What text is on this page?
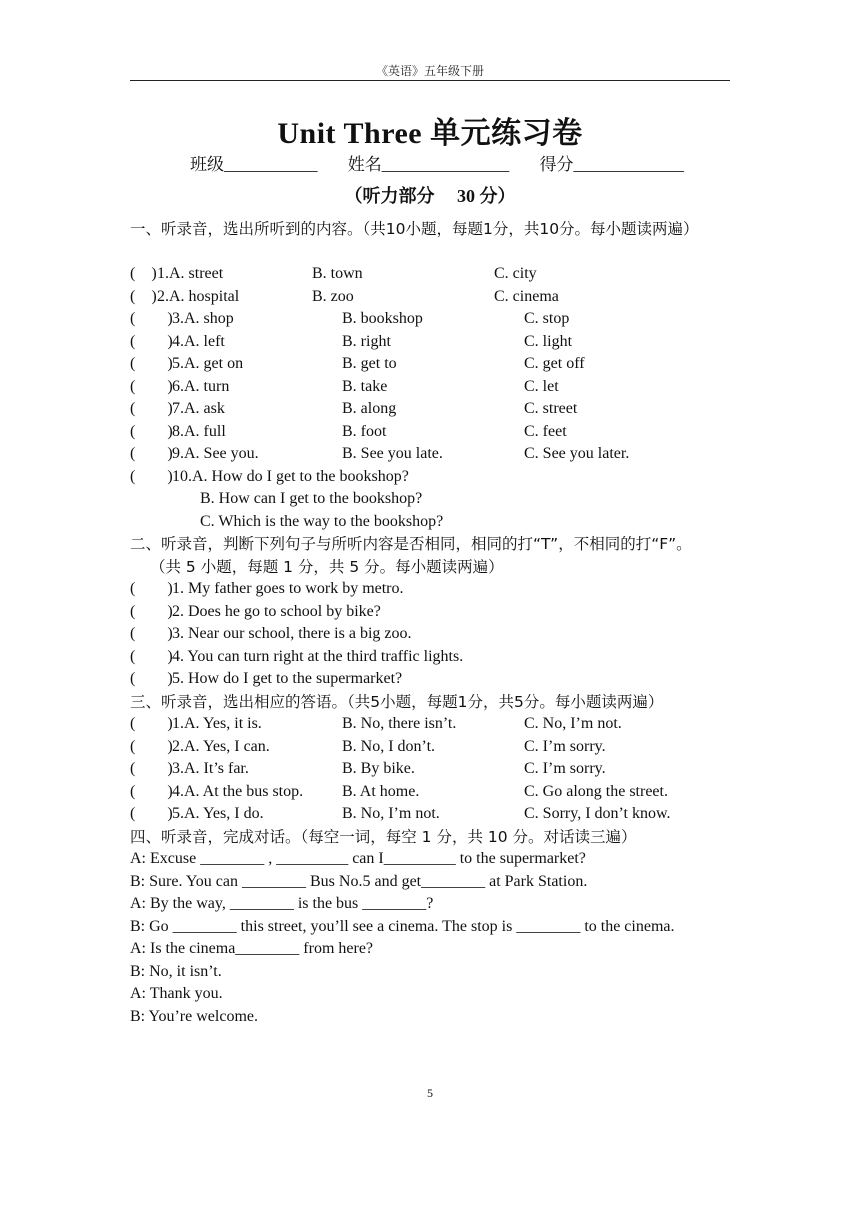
《英语》五年级下册
Unit Three 单元练习卷
班级___________ 姓名_______________ 得分_____________
（听力部分　 30 分）
一、听录音，选出所听到的内容。（共10小题，每题1分，共10分。每小题读两遍）
(　) 1.A. street	B. town	C. city
(　) 2.A. hospital	B. zoo	C. cinema
(　　) 3.A. shop	B. bookshop	C. stop
(　　) 4.A. left	B. right	C. light
(　　) 5.A. get on	B. get to	C. get off
(　　) 6.A. turn	B. take	C. let
(　　) 7.A. ask	B. along	C. street
(　　) 8.A. full	B. foot	C. feet
(　　) 9.A. See you.	B. See you late.	C. See you later.
(　　) 10.A. How do I get to the bookshop?
B. How can I get to the bookshop?
C. Which is the way to the bookshop?
二、听录音，判断下列句子与所听内容是否相同，相同的打“T”，不相同的打“F”。
（共 5 小题，每题 1 分，共 5 分。每小题读两遍）
(　　) 1. My father goes to work by metro.
(　　) 2. Does he go to school by bike?
(　　) 3. Near our school, there is a big zoo.
(　　) 4. You can turn right at the third traffic lights.
(　　) 5. How do I get to the supermarket?
三、听录音，选出相应的答语。（共5小题，每题1分，共5分。每小题读两遍）
(　　) 1.A. Yes, it is.	B. No, there isn’t.	C. No, I’m not.
(　　) 2.A. Yes, I can.	B. No, I don’t.	C. I’m sorry.
(　　) 3.A. It’s far.	B. By bike.	C. I’m sorry.
(　　) 4.A. At the bus stop. B. At home.	C. Go along the street.
(　　) 5.A. Yes, I do.	B. No, I’m not.	C. Sorry, I don’t know.
四、听录音，完成对话。（每空一词，每空 1 分，共 10 分。对话读三遍）
A: Excuse ________ , _________ can I_________ to the supermarket?
B: Sure. You can ________ Bus No.5 and get________ at Park Station.
A: By the way, ________ is the bus ________?
B: Go ________ this street, you’ll see a cinema. The stop is ________ to the cinema.
A: Is the cinema________ from here?
B: No, it isn’t.
A: Thank you.
B: You’re welcome.
5
